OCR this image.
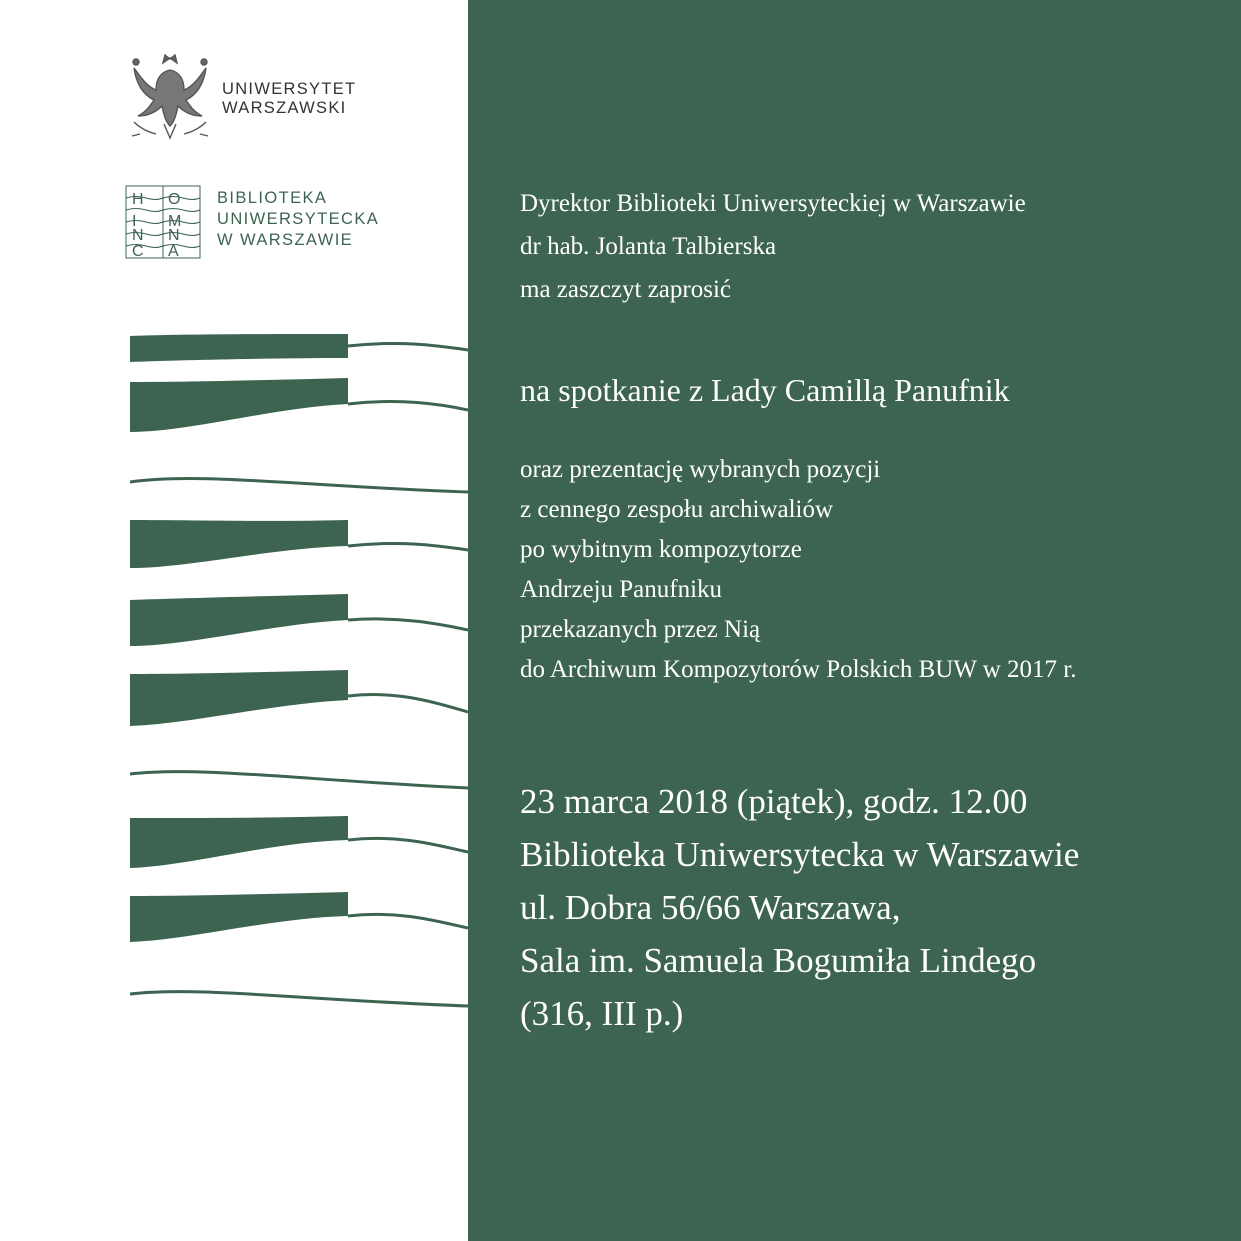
UNIWERSYTET
WARSZAWSKI
H O
I M
N N
C A
BIBLIOTEKA
UNIWERSYTECKA
W WARSZAWIE
Dyrektor Biblioteki Uniwersyteckiej w Warszawie
dr hab. Jolanta Talbierska
ma zaszczyt zaprosić
na spotkanie z Lady Camillą Panufnik
oraz prezentację wybranych pozycji
z cennego zespołu archiwaliów
po wybitnym kompozytorze
Andrzeju Panufniku
przekazanych przez Nią
do Archiwum Kompozytorów Polskich BUW w 2017 r.
23 marca 2018 (piątek), godz. 12.00
Biblioteka Uniwersytecka w Warszawie
ul. Dobra 56/66 Warszawa,
Sala im. Samuela Bogumiła Lindego
(316, III p.)
